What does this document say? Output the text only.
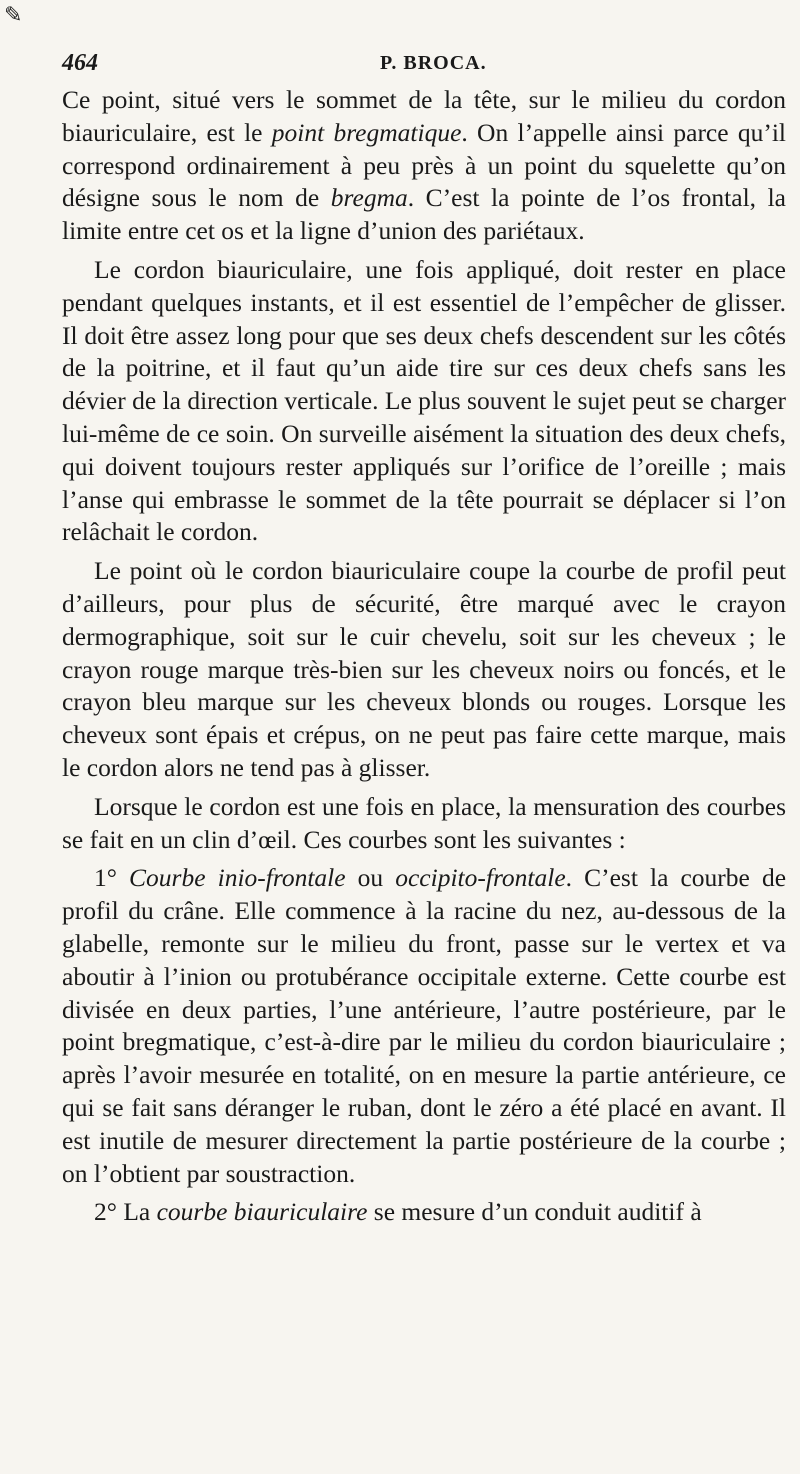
✎
464	P. BROCA.

Ce point, situé vers le sommet de la tête, sur le milieu du cordon biauriculaire, est le point bregmatique. On l’appelle ainsi parce qu’il correspond ordinairement à peu près à un point du squelette qu’on désigne sous le nom de bregma. C’est la pointe de l’os frontal, la limite entre cet os et la ligne d’union des pariétaux.

Le cordon biauriculaire, une fois appliqué, doit rester en place pendant quelques instants, et il est essentiel de l’empêcher de glisser. Il doit être assez long pour que ses deux chefs descendent sur les côtés de la poitrine, et il faut qu’un aide tire sur ces deux chefs sans les dévier de la direction verticale. Le plus souvent le sujet peut se charger lui-même de ce soin. On surveille aisément la situation des deux chefs, qui doivent toujours rester appliqués sur l’orifice de l’oreille ; mais l’anse qui embrasse le sommet de la tête pourrait se déplacer si l’on relâchait le cordon.

Le point où le cordon biauriculaire coupe la courbe de profil peut d’ailleurs, pour plus de sécurité, être marqué avec le crayon dermographique, soit sur le cuir chevelu, soit sur les cheveux ; le crayon rouge marque très-bien sur les cheveux noirs ou foncés, et le crayon bleu marque sur les cheveux blonds ou rouges. Lorsque les cheveux sont épais et crépus, on ne peut pas faire cette marque, mais le cordon alors ne tend pas à glisser.

Lorsque le cordon est une fois en place, la mensuration des courbes se fait en un clin d’œil. Ces courbes sont les suivantes :

1° Courbe inio-frontale ou occipito-frontale. C’est la courbe de profil du crâne. Elle commence à la racine du nez, au-dessous de la glabelle, remonte sur le milieu du front, passe sur le vertex et va aboutir à l’inion ou protubérance occipitale externe. Cette courbe est divisée en deux parties, l’une antérieure, l’autre postérieure, par le point bregmatique, c’est-à-dire par le milieu du cordon biauriculaire ; après l’avoir mesurée en totalité, on en mesure la partie antérieure, ce qui se fait sans déranger le ruban, dont le zéro a été placé en avant. Il est inutile de mesurer directement la partie postérieure de la courbe ; on l’obtient par soustraction.

2° La courbe biauriculaire se mesure d’un conduit auditif à
